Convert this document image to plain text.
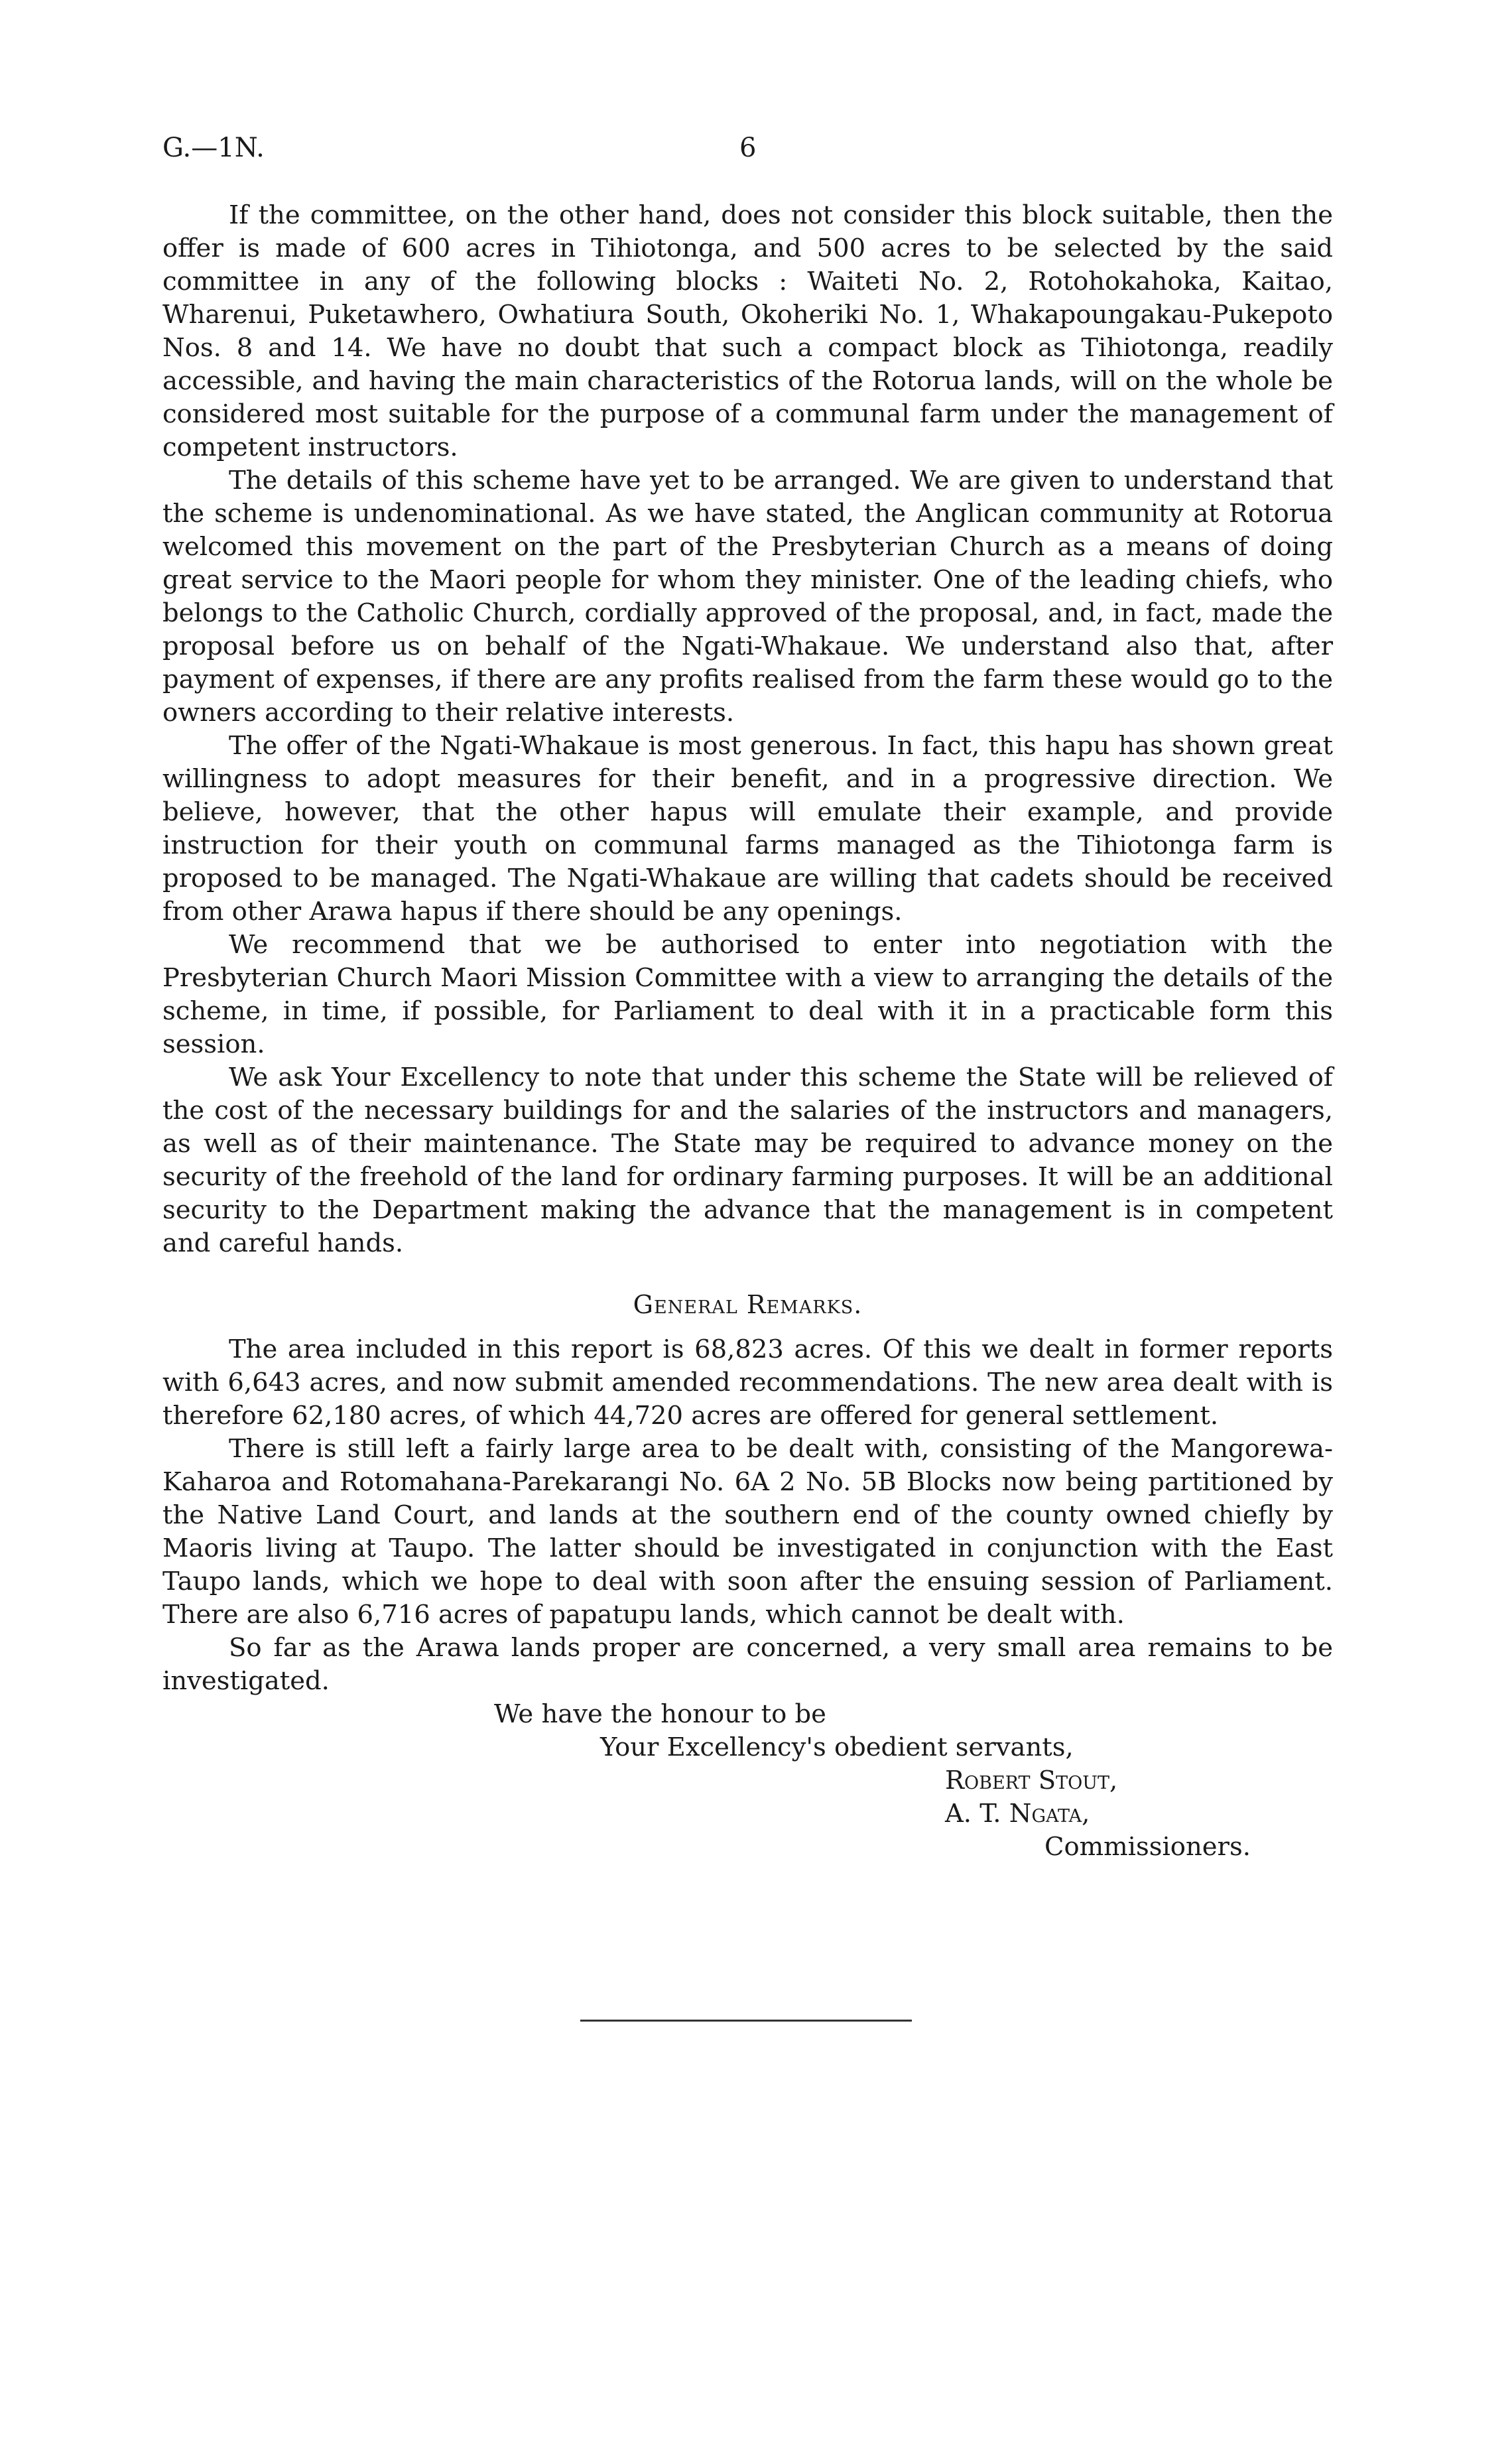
G.—1N.	6

If the committee, on the other hand, does not consider this block suitable, then the offer is made of 600 acres in Tihiotonga, and 500 acres to be selected by the said committee in any of the following blocks : Waiteti No. 2, Rotohokahoka, Kaitao, Wharenui, Puketawhero, Owhatiura South, Okoheriki No. 1, Whakapoungakau-Pukepoto Nos. 8 and 14. We have no doubt that such a compact block as Tihiotonga, readily accessible, and having the main characteristics of the Rotorua lands, will on the whole be considered most suitable for the purpose of a communal farm under the management of competent instructors.

The details of this scheme have yet to be arranged. We are given to understand that the scheme is undenominational. As we have stated, the Anglican community at Rotorua welcomed this movement on the part of the Presbyterian Church as a means of doing great service to the Maori people for whom they minister. One of the leading chiefs, who belongs to the Catholic Church, cordially approved of the proposal, and, in fact, made the proposal before us on behalf of the Ngati-Whakaue. We understand also that, after payment of expenses, if there are any profits realised from the farm these would go to the owners according to their relative interests.

The offer of the Ngati-Whakaue is most generous. In fact, this hapu has shown great willingness to adopt measures for their benefit, and in a progressive direction. We believe, however, that the other hapus will emulate their example, and provide instruction for their youth on communal farms managed as the Tihiotonga farm is proposed to be managed. The Ngati-Whakaue are willing that cadets should be received from other Arawa hapus if there should be any openings.

We recommend that we be authorised to enter into negotiation with the Presbyterian Church Maori Mission Committee with a view to arranging the details of the scheme, in time, if possible, for Parliament to deal with it in a practicable form this session.

We ask Your Excellency to note that under this scheme the State will be relieved of the cost of the necessary buildings for and the salaries of the instructors and managers, as well as of their maintenance. The State may be required to advance money on the security of the freehold of the land for ordinary farming purposes. It will be an additional security to the Department making the advance that the management is in competent and careful hands.

General Remarks.

The area included in this report is 68,823 acres. Of this we dealt in former reports with 6,643 acres, and now submit amended recommendations. The new area dealt with is therefore 62,180 acres, of which 44,720 acres are offered for general settlement.

There is still left a fairly large area to be dealt with, consisting of the Mangorewa-Kaharoa and Rotomahana-Parekarangi No. 6A 2 No. 5B Blocks now being partitioned by the Native Land Court, and lands at the southern end of the county owned chiefly by Maoris living at Taupo. The latter should be investigated in conjunction with the East Taupo lands, which we hope to deal with soon after the ensuing session of Parliament. There are also 6,716 acres of papatupu lands, which cannot be dealt with.

So far as the Arawa lands proper are concerned, a very small area remains to be investigated.

We have the honour to be

Your Excellency's obedient servants,

Robert Stout,

A. T. Ngata,

Commissioners.
